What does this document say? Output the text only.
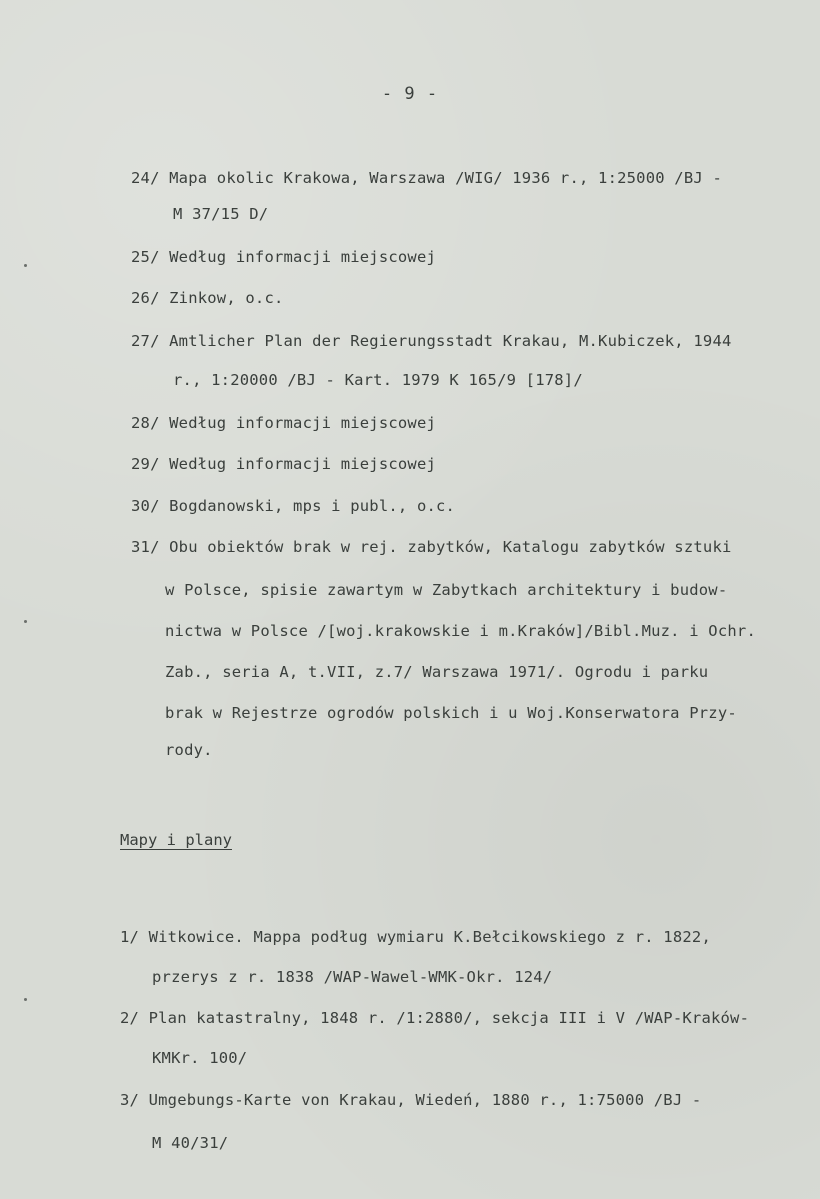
- 9 -
24/ Mapa okolic Krakowa, Warszawa /WIG/ 1936 r., 1:25000 /BJ -
M 37/15 D/
25/ Według informacji miejscowej
26/ Zinkow, o.c.
27/ Amtlicher Plan der Regierungsstadt Krakau, M.Kubiczek, 1944
r., 1:20000 /BJ - Kart. 1979 K 165/9 [178]/
28/ Według informacji miejscowej
29/ Według informacji miejscowej
30/ Bogdanowski, mps i publ., o.c.
31/ Obu obiektów brak w rej. zabytków, Katalogu zabytków sztuki
w Polsce, spisie zawartym w Zabytkach architektury i budow-
nictwa w Polsce /[woj.krakowskie i m.Kraków]/Bibl.Muz. i Ochr.
Zab., seria A, t.VII, z.7/ Warszawa 1971/. Ogrodu i parku
brak w Rejestrze ogrodów polskich i u Woj.Konserwatora Przy-
rody.
Mapy i plany
1/ Witkowice. Mappa podług wymiaru K.Bełcikowskiego z r. 1822,
przerys z r. 1838 /WAP-Wawel-WMK-Okr. 124/
2/ Plan katastralny, 1848 r. /1:2880/, sekcja III i V /WAP-Kraków-
KMKr. 100/
3/ Umgebungs-Karte von Krakau, Wiedeń, 1880 r., 1:75000 /BJ -
M 40/31/
